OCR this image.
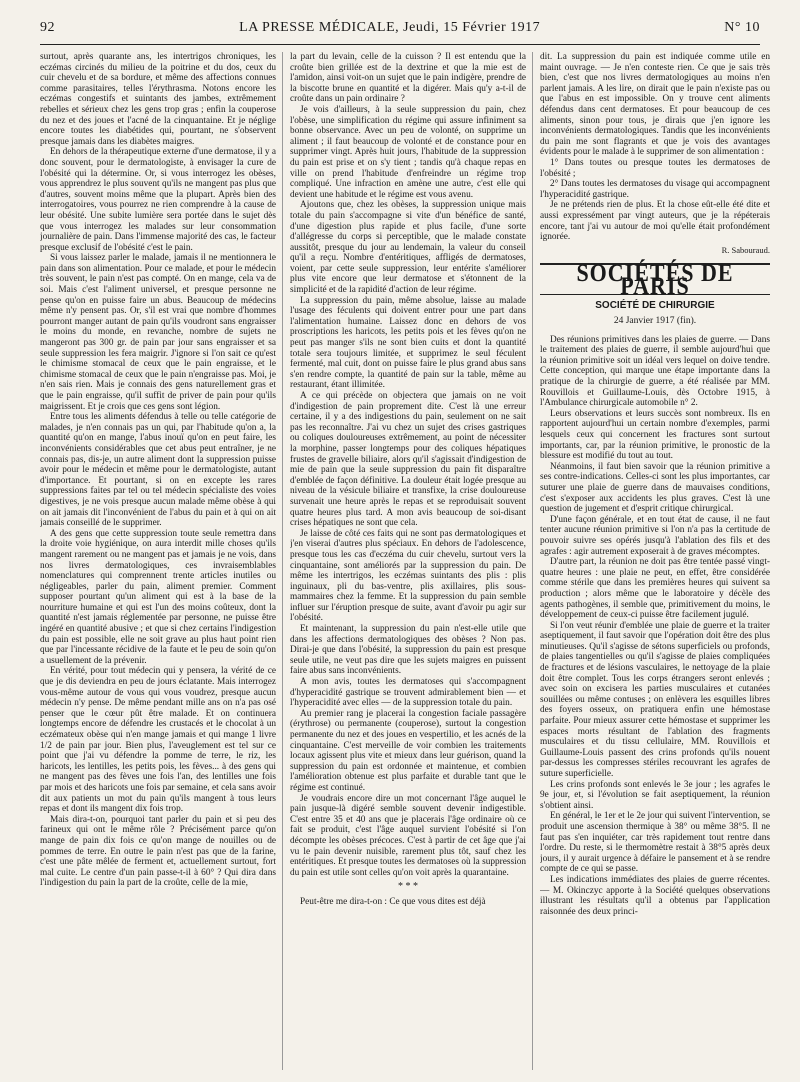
92	LA PRESSE MÉDICALE, Jeudi, 15 Février 1917	N° 10

surtout, après quarante ans, les intertrigos chroniques, les eczémas circinés du milieu de la poitrine et du dos, ceux du cuir chevelu et de sa bordure, et même des affections connues comme parasitaires, telles l'érythrasma. Notons encore les eczémas congestifs et suintants des jambes, extrêmement rebelles et sérieux chez les gens trop gras ; enfin la couperose du nez et des joues et l'acné de la cinquantaine. Et je néglige encore toutes les diabétides qui, pourtant, ne s'observent presque jamais dans les diabètes maigres.

En dehors de la thérapeutique externe d'une dermatose, il y a donc souvent, pour le dermatologiste, à envisager la cure de l'obésité qui la détermine. Or, si vous interrogez les obèses, vous apprendrez le plus souvent qu'ils ne mangent pas plus que d'autres, souvent moins même que la plupart. Après bien des interrogatoires, vous pourrez ne rien comprendre à la cause de leur obésité. Une subite lumière sera portée dans le sujet dès que vous interrogez les malades sur leur consommation journalière de pain. Dans l'immense majorité des cas, le facteur presque exclusif de l'obésité c'est le pain.

Si vous laissez parler le malade, jamais il ne mentionnera le pain dans son alimentation. Pour ce malade, et pour le médecin très souvent, le pain n'est pas compté. On en mange, cela va de soi. Mais c'est l'aliment universel, et presque personne ne pense qu'on en puisse faire un abus. Beaucoup de médecins même n'y pensent pas. Or, s'il est vrai que nombre d'hommes pourront manger autant de pain qu'ils voudront sans engraisser le moins du monde, en revanche, nombre de sujets ne mangeront pas 300 gr. de pain par jour sans engraisser et sa seule suppression les fera maigrir. J'ignore si l'on sait ce qu'est le chimisme stomacal de ceux que le pain engraisse, et le chimisme stomacal de ceux que le pain n'engraisse pas. Moi, je n'en sais rien. Mais je connais des gens naturellement gras et que le pain engraisse, qu'il suffit de priver de pain pour qu'ils maigrissent. Et je crois que ces gens sont légion.

Entre tous les aliments défendus à telle ou telle catégorie de malades, je n'en connais pas un qui, par l'habitude qu'on a, la quantité qu'on en mange, l'abus inouï qu'on en peut faire, les inconvénients considérables que cet abus peut entraîner, je ne connais pas, dis-je, un autre aliment dont la suppression puisse avoir pour le médecin et même pour le dermatologiste, autant d'importance. Et pourtant, si on en excepte les rares suppressions faites par tel ou tel médecin spécialiste des voies digestives, je ne vois presque aucun malade même obèse à qui on ait jamais dit l'inconvénient de l'abus du pain et à qui on ait jamais conseillé de le supprimer.

A des gens que cette suppression toute seule remettra dans la droite voie hygiénique, on aura interdit mille choses qu'ils mangent rarement ou ne mangent pas et jamais je ne vois, dans nos livres dermatologiques, ces invraisemblables nomenclatures qui comprennent trente articles inutiles ou négligeables, parler du pain, aliment premier. Comment supposer pourtant qu'un aliment qui est à la base de la nourriture humaine et qui est l'un des moins coûteux, dont la quantité n'est jamais réglementée par personne, ne puisse être ingéré en quantité abusive ; et que si chez certains l'indigestion du pain est possible, elle ne soit grave au plus haut point rien que par l'incessante récidive de la faute et le peu de soin qu'on a usuellement de la prévenir.

En vérité, pour tout médecin qui y pensera, la vérité de ce que je dis deviendra en peu de jours éclatante. Mais interrogez vous-même autour de vous qui vous voudrez, presque aucun médecin n'y pense. De même pendant mille ans on n'a pas osé penser que le cœur pût être malade. Et on continuera longtemps encore de défendre les crustacés et le chocolat à un eczémateux obèse qui n'en mange jamais et qui mange 1 livre 1/2 de pain par jour. Bien plus, l'aveuglement est tel sur ce point que j'ai vu défendre la pomme de terre, le riz, les haricots, les lentilles, les petits pois, les fèves... à des gens qui ne mangent pas des fèves une fois l'an, des lentilles une fois par mois et des haricots une fois par semaine, et cela sans avoir dit aux patients un mot du pain qu'ils mangent à tous leurs repas et dont ils mangent dix fois trop.

Mais dira-t-on, pourquoi tant parler du pain et si peu des farineux qui ont le même rôle ? Précisément parce qu'on mange de pain dix fois ce qu'on mange de nouilles ou de pommes de terre. En outre le pain n'est pas que de la farine, c'est une pâte mêlée de ferment et, actuellement surtout, fort mal cuite. Le centre d'un pain passe-t-il à 60° ? Qui dira dans l'indigestion du pain la part de la croûte, celle de la mie,

la part du levain, celle de la cuisson ? Il est entendu que la croûte bien grillée est de la dextrine et que la mie est de l'amidon, ainsi voit-on un sujet que le pain indigère, prendre de la biscotte brune en quantité et la digérer. Mais qu'y a-t-il de croûte dans un pain ordinaire ?

Je vois d'ailleurs, à la seule suppression du pain, chez l'obèse, une simplification du régime qui assure infiniment sa bonne observance. Avec un peu de volonté, on supprime un aliment ; il faut beaucoup de volonté et de constance pour en supprimer vingt. Après huit jours, l'habitude de la suppression du pain est prise et on s'y tient ; tandis qu'à chaque repas en ville on prend l'habitude d'enfreindre un régime trop compliqué. Une infraction en amène une autre, c'est elle qui devient une habitude et le régime est vous avenu.

Ajoutons que, chez les obèses, la suppression unique mais totale du pain s'accompagne si vite d'un bénéfice de santé, d'une digestion plus rapide et plus facile, d'une sorte d'allégresse du corps si perceptible, que le malade constate aussitôt, presque du jour au lendemain, la valeur du conseil qu'il a reçu. Nombre d'entéritiques, affligés de dermatoses, voient, par cette seule suppression, leur entérite s'améliorer plus vite encore que leur dermatose et s'étonnent de la simplicité et de la rapidité d'action de leur régime.

La suppression du pain, même absolue, laisse au malade l'usage des féculents qui doivent entrer pour une part dans l'alimentation humaine. Laissez donc en dehors de vos proscriptions les haricots, les petits pois et les fèves qu'on ne peut pas manger s'ils ne sont bien cuits et dont la quantité totale sera toujours limitée, et supprimez le seul féculent fermenté, mal cuit, dont on puisse faire le plus grand abus sans s'en rendre compte, la quantité de pain sur la table, même au restaurant, étant illimitée.

A ce qui précède on objectera que jamais on ne voit d'indigestion de pain proprement dite. C'est là une erreur certaine, il y a des indigestions du pain, seulement on ne sait pas les reconnaître. J'ai vu chez un sujet des crises gastriques ou coliques douloureuses extrêmement, au point de nécessiter la morphine, passer longtemps pour des coliques hépatiques frustes de gravelle biliaire, alors qu'il s'agissait d'indigestion de mie de pain que la seule suppression du pain fit disparaître d'emblée de façon définitive. La douleur était logée presque au niveau de la vésicule biliaire et transfixe, la crise douloureuse survenait une heure après le repas et se reproduisait souvent quatre heures plus tard. A mon avis beaucoup de soi-disant crises hépatiques ne sont que cela.

Je laisse de côté ces faits qui ne sont pas dermatologiques et j'en viserai d'autres plus spéciaux. En dehors de l'adolescence, presque tous les cas d'eczéma du cuir chevelu, surtout vers la cinquantaine, sont améliorés par la suppression du pain. De même les intertrigos, les eczémas suintants des plis : plis inguinaux, pli du bas-ventre, plis axillaires, plis sous-mammaires chez la femme. Et la suppression du pain semble influer sur l'éruption presque de suite, avant d'avoir pu agir sur l'obésité.

Et maintenant, la suppression du pain n'est-elle utile que dans les affections dermatologiques des obèses ? Non pas. Dirai-je que dans l'obésité, la suppression du pain est presque seule utile, ne veut pas dire que les sujets maigres en puissent faire abus sans inconvénients.

A mon avis, toutes les dermatoses qui s'accompagnent d'hyperacidité gastrique se trouvent admirablement bien — et l'hyperacidité avec elles — de la suppression totale du pain.

Au premier rang je placerai la congestion faciale passagère (érythrose) ou permanente (couperose), surtout la congestion permanente du nez et des joues en vespertilio, et les acnés de la cinquantaine. C'est merveille de voir combien les traitements locaux agissent plus vite et mieux dans leur guérison, quand la suppression du pain est ordonnée et maintenue, et combien l'amélioration obtenue est plus parfaite et durable tant que le régime est continué.

Je voudrais encore dire un mot concernant l'âge auquel le pain jusque-là digéré semble souvent devenir indigestible. C'est entre 35 et 40 ans que je placerais l'âge ordinaire où ce fait se produit, c'est l'âge auquel survient l'obésité si l'on décompte les obèses précoces. C'est à partir de cet âge que j'ai vu le pain devenir nuisible, rarement plus tôt, sauf chez les entéritiques. Et presque toutes les dermatoses où la suppression du pain est utile sont celles qu'on voit après la quarantaine.

* * *

Peut-être me dira-t-on : Ce que vous dites est déjà

dit. La suppression du pain est indiquée comme utile en maint ouvrage. — Je n'en conteste rien. Ce que je sais très bien, c'est que nos livres dermatologiques au moins n'en parlent jamais. A les lire, on dirait que le pain n'existe pas ou que l'abus en est impossible. On y trouve cent aliments défendus dans cent dermatoses. Et pour beaucoup de ces aliments, sinon pour tous, je dirais que j'en ignore les inconvénients dermatologiques. Tandis que les inconvénients du pain me sont flagrants et que je vois des avantages évidents pour le malade à le supprimer de son alimentation :

1° Dans toutes ou presque toutes les dermatoses de l'obésité ;

2° Dans toutes les dermatoses du visage qui accompagnent l'hyperacidité gastrique.

Je ne prétends rien de plus. Et la chose eût-elle été dite et aussi expressément par vingt auteurs, que je la répéterais encore, tant j'ai vu autour de moi qu'elle était profondément ignorée.

R. Sabouraud.
SOCIÉTÉS DE PARIS
SOCIÉTÉ DE CHIRURGIE
24 Janvier 1917 (fin).

Des réunions primitives dans les plaies de guerre. — Dans le traitement des plaies de guerre, il semble aujourd'hui que la réunion primitive soit un idéal vers lequel on doive tendre. Cette conception, qui marque une étape importante dans la pratique de la chirurgie de guerre, a été réalisée par MM. Rouvillois et Guillaume-Louis, dès Octobre 1915, à l'Ambulance chirurgicale automobile n° 2.

Leurs observations et leurs succès sont nombreux. Ils en rapportent aujourd'hui un certain nombre d'exemples, parmi lesquels ceux qui concernent les fractures sont surtout importants, car, par la réunion primitive, le pronostic de la blessure est modifié du tout au tout.

Néanmoins, il faut bien savoir que la réunion primitive a ses contre-indications. Celles-ci sont les plus importantes, car suturer une plaie de guerre dans de mauvaises conditions, c'est s'exposer aux accidents les plus graves. C'est là une question de jugement et d'esprit critique chirurgical.

D'une façon générale, et en tout état de cause, il ne faut tenter aucune réunion primitive si l'on n'a pas la certitude de pouvoir suivre ses opérés jusqu'à l'ablation des fils et des agrafes : agir autrement exposerait à de graves mécomptes.

D'autre part, la réunion ne doit pas être tentée passé vingt-quatre heures : une plaie ne peut, en effet, être considérée comme stérile que dans les premières heures qui suivent sa production ; alors même que le laboratoire y décèle des agents pathogènes, il semble que, primitivement du moins, le développement de ceux-ci puisse être facilement jugulé.

Si l'on veut réunir d'emblée une plaie de guerre et la traiter aseptiquement, il faut savoir que l'opération doit être des plus minutieuses. Qu'il s'agisse de sétons superficiels ou profonds, de plaies tangentielles ou qu'il s'agisse de plaies compliquées de fractures et de lésions vasculaires, le nettoyage de la plaie doit être complet. Tous les corps étrangers seront enlevés ; avec soin on excisera les parties musculaires et cutanées souillées ou même contuses ; on enlèvera les esquilles libres des foyers osseux, on pratiquera enfin une hémostase parfaite. Pour mieux assurer cette hémostase et supprimer les espaces morts résultant de l'ablation des fragments musculaires et du tissu cellulaire, MM. Rouvillois et Guillaume-Louis passent des crins profonds qu'ils nouent par-dessus les compresses stériles recouvrant les agrafes de suture superficielle.

Les crins profonds sont enlevés le 3e jour ; les agrafes le 9e jour, et, si l'évolution se fait aseptiquement, la réunion s'obtient ainsi.

En général, le 1er et le 2e jour qui suivent l'intervention, se produit une ascension thermique à 38° ou même 38°5. Il ne faut pas s'en inquiéter, car très rapidement tout rentre dans l'ordre. Du reste, si le thermomètre restait à 38°5 après deux jours, il y aurait urgence à défaire le pansement et à se rendre compte de ce qui se passe.

Les indications immédiates des plaies de guerre récentes. — M. Okinczyc apporte à la Société quelques observations illustrant les résultats qu'il a obtenus par l'application raisonnée des deux princi-
